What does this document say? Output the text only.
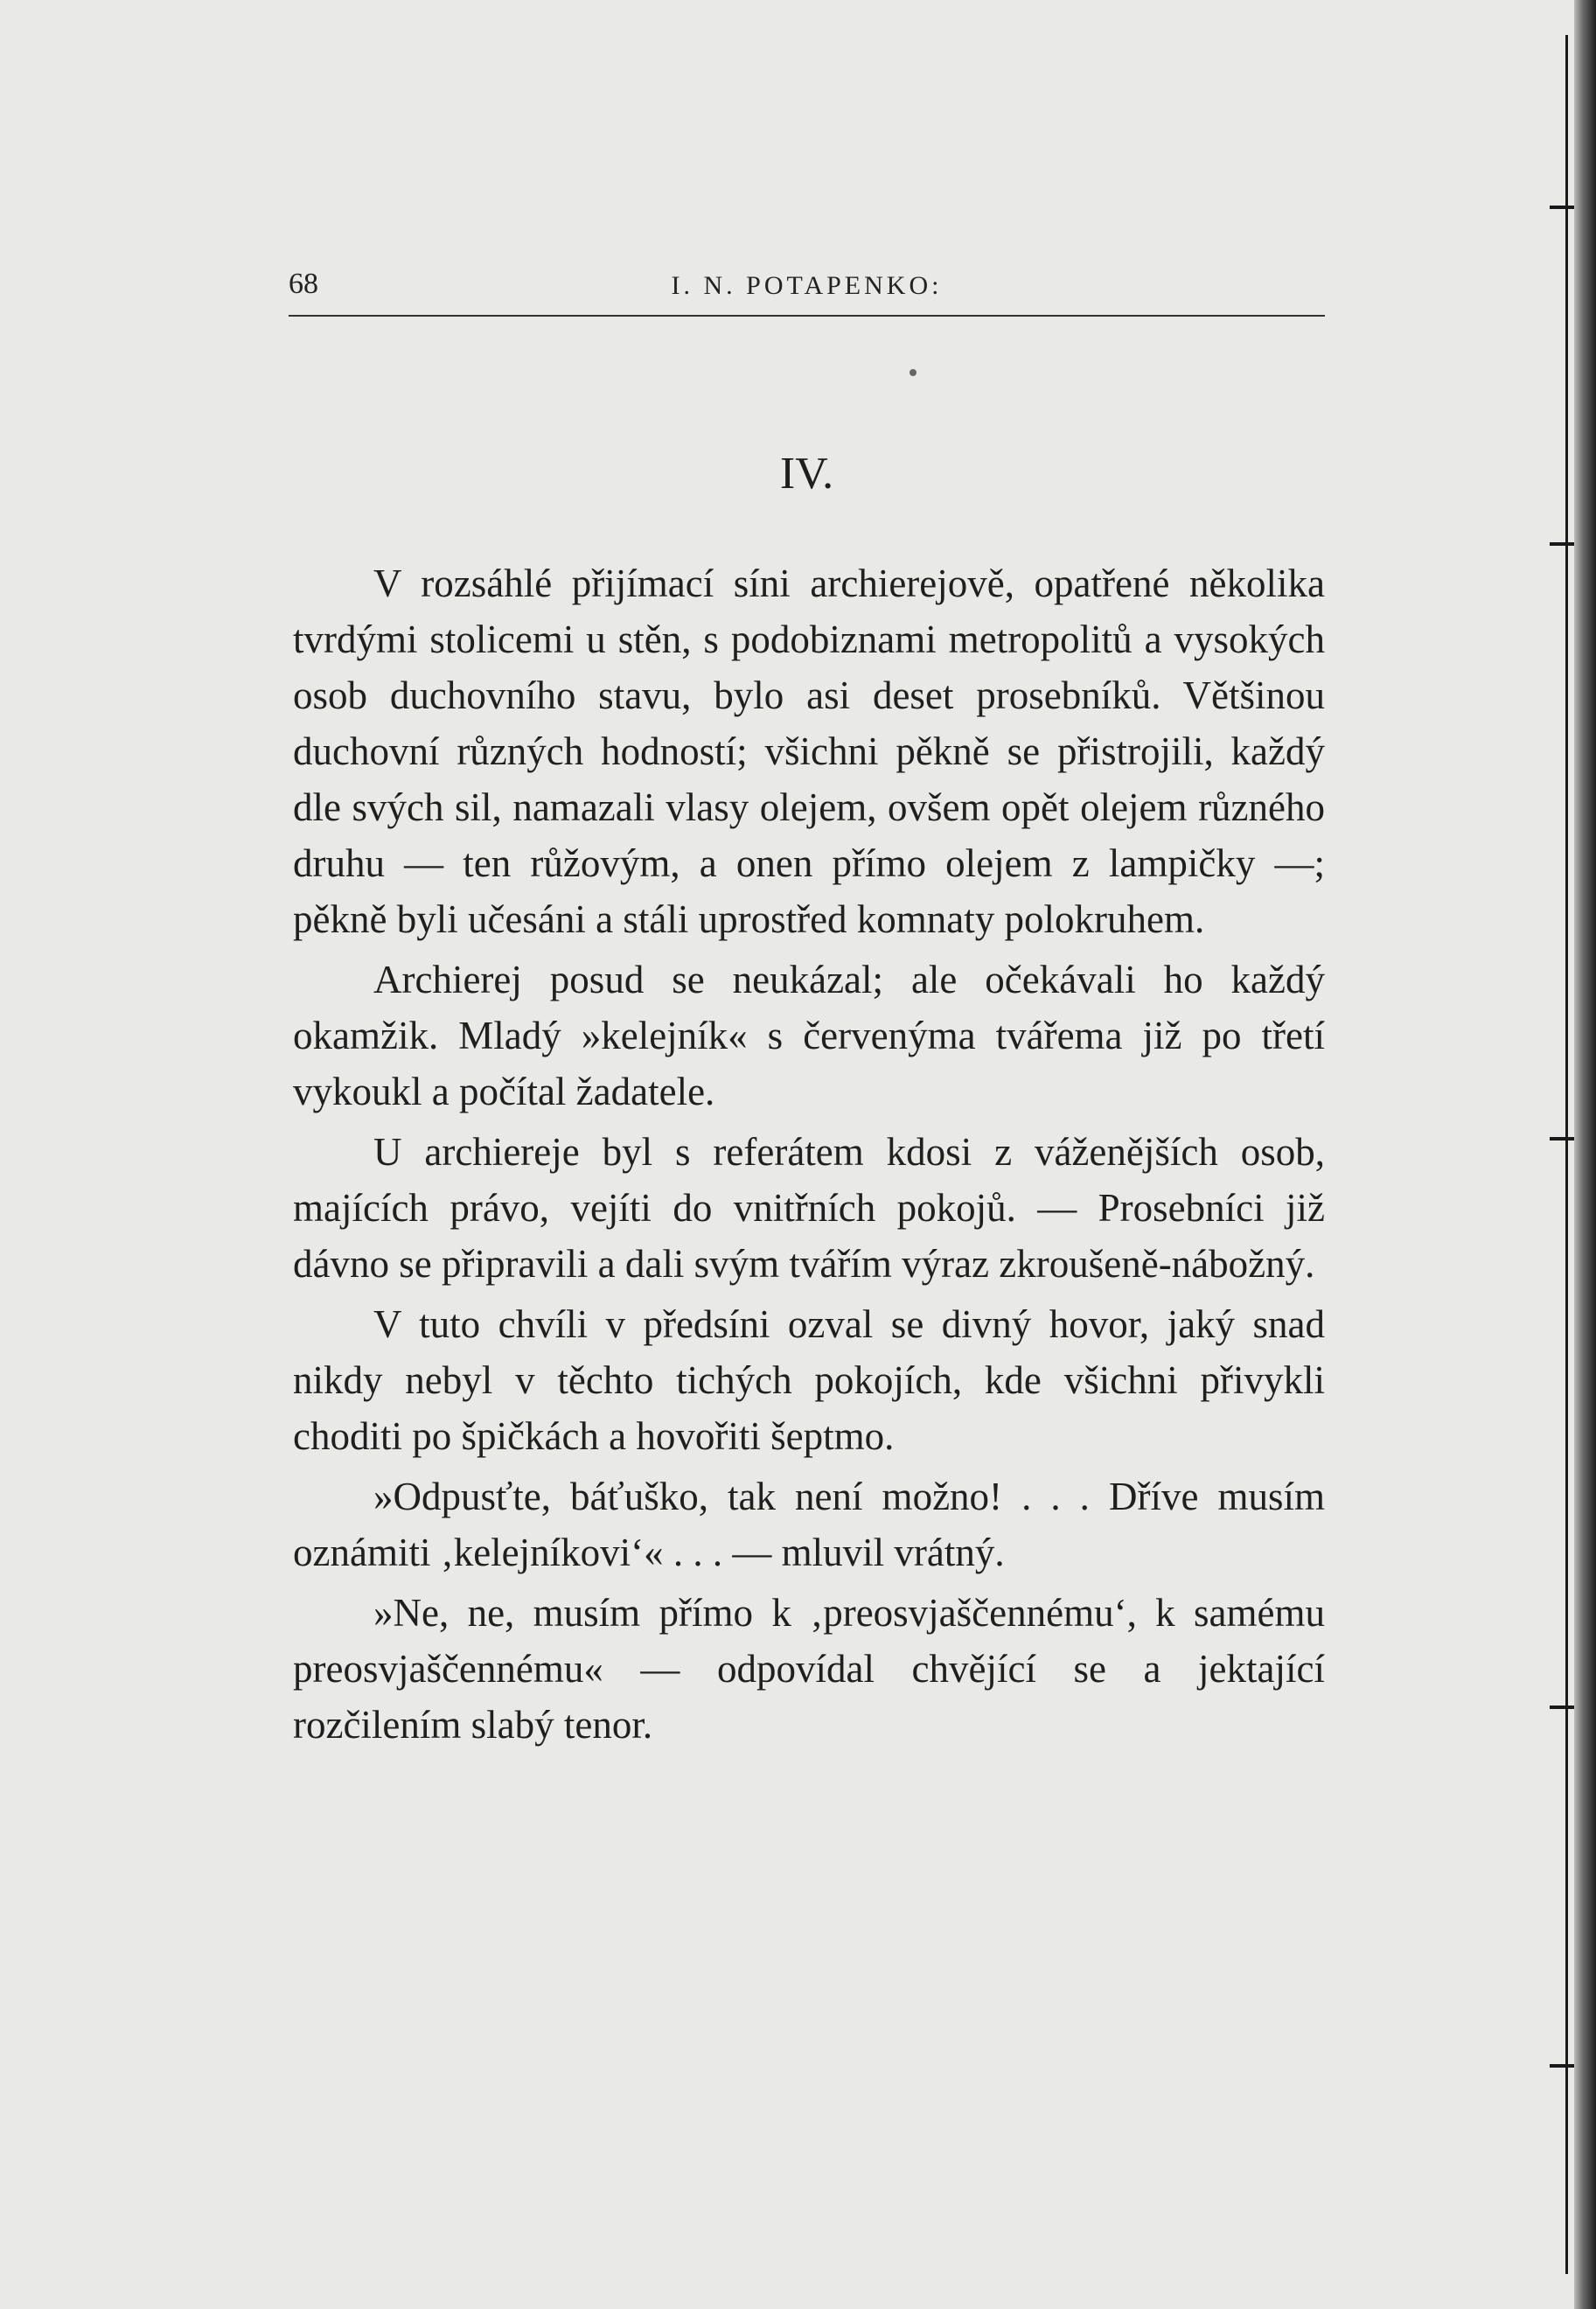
68	I. N. POTAPENKO:
IV.

V rozsáhlé přijímací síni archierejově, opatřené několika tvrdými stolicemi u stěn, s podobiznami metropolitů a vysokých osob duchovního stavu, bylo asi deset prosebníků. Většinou duchovní různých hodností; všichni pěkně se přistrojili, každý dle svých sil, namazali vlasy olejem, ovšem opět olejem různého druhu — ten růžovým, a onen přímo olejem z lampičky —; pěkně byli učesáni a stáli uprostřed komnaty polokruhem.

Archierej posud se neukázal; ale očekávali ho každý okamžik. Mladý »kelejník« s červenýma tvářema již po třetí vykoukl a počítal žadatele.

U archiereje byl s referátem kdosi z váženějších osob, majících právo, vejíti do vnitřních pokojů. — Prosebníci již dávno se připravili a dali svým tvářím výraz zkroušeně-nábožný.

V tuto chvíli v předsíni ozval se divný hovor, jaký snad nikdy nebyl v těchto tichých pokojích, kde všichni přivykli choditi po špičkách a hovořiti šeptmo.

»Odpusťte, báťuško, tak není možno! . . . Dříve musím oznámiti ‚kelejníkovi‘« . . . — mluvil vrátný.

»Ne, ne, musím přímo k ‚preosvjaščennému‘, k samému preosvjaščennému« — odpovídal chvějící se a jektající rozčilením slabý tenor.
